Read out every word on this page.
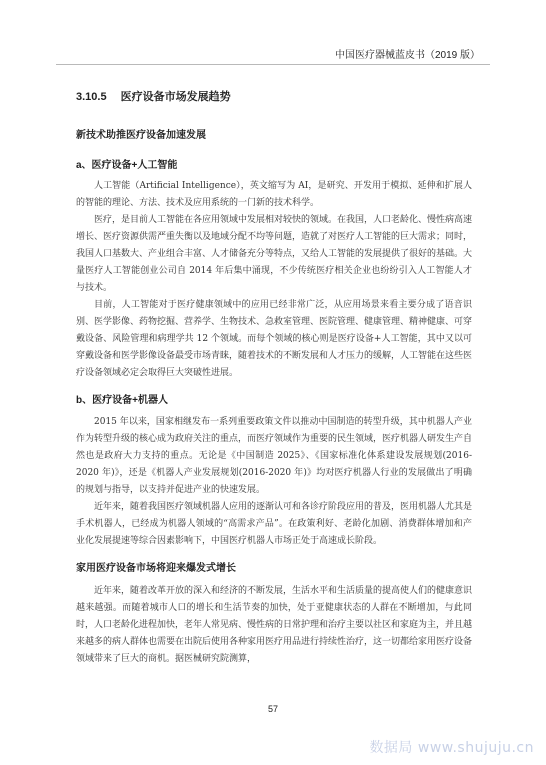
中国医疗器械蓝皮书（2019 版）
3.10.5 医疗设备市场发展趋势
新技术助推医疗设备加速发展
a、医疗设备+人工智能

人工智能（Artificial Intelligence），英文缩写为 AI，是研究、开发用于模拟、延伸和扩展人的智能的理论、方法、技术及应用系统的一门新的技术科学。

医疗，是目前人工智能在各应用领域中发展相对较快的领域。在我国，人口老龄化、慢性病高速增长、医疗资源供需严重失衡以及地域分配不均等问题，造就了对医疗人工智能的巨大需求；同时，我国人口基数大、产业组合丰富、人才储备充分等特点，又给人工智能的发展提供了很好的基础。大量医疗人工智能创业公司自 2014 年后集中涌现，不少传统医疗相关企业也纷纷引入人工智能人才与技术。

目前，人工智能对于医疗健康领域中的应用已经非常广泛，从应用场景来看主要分成了语音识别、医学影像、药物挖掘、营养学、生物技术、急救室管理、医院管理、健康管理、精神健康、可穿戴设备、风险管理和病理学共 12 个领域。而每个领域的核心则是医疗设备+人工智能，其中又以可穿戴设备和医学影像设备最受市场青睐，随着技术的不断发展和人才压力的缓解，人工智能在这些医疗设备领域必定会取得巨大突破性进展。

b、医疗设备+机器人

2015 年以来，国家相继发布一系列重要政策文件以推动中国制造的转型升级，其中机器人产业作为转型升级的核心成为政府关注的重点，而医疗领域作为重要的民生领域，医疗机器人研发生产自然也是政府大力支持的重点。无论是《中国制造 2025》、《国家标准化体系建设发展规划(2016-2020 年)》，还是《机器人产业发展规划(2016-2020 年)》均对医疗机器人行业的发展做出了明确的规划与指导，以支持并促进产业的快速发展。

近年来，随着我国医疗领域机器人应用的逐渐认可和各诊疗阶段应用的普及，医用机器人尤其是手术机器人，已经成为机器人领域的“高需求产品”。在政策利好、老龄化加剧、消费群体增加和产业化发展提速等综合因素影响下，中国医疗机器人市场正处于高速成长阶段。

家用医疗设备市场将迎来爆发式增长

近年来，随着改革开放的深入和经济的不断发展，生活水平和生活质量的提高使人们的健康意识越来越强。而随着城市人口的增长和生活节奏的加快，处于亚健康状态的人群在不断增加，与此同时，人口老龄化进程加快，老年人常见病、慢性病的日常护理和治疗主要以社区和家庭为主，并且越来越多的病人群体也需要在出院后使用各种家用医疗用品进行持续性治疗，这一切都给家用医疗设备领域带来了巨大的商机。据医械研究院测算，

57
数据局 www.shujuju.cn
